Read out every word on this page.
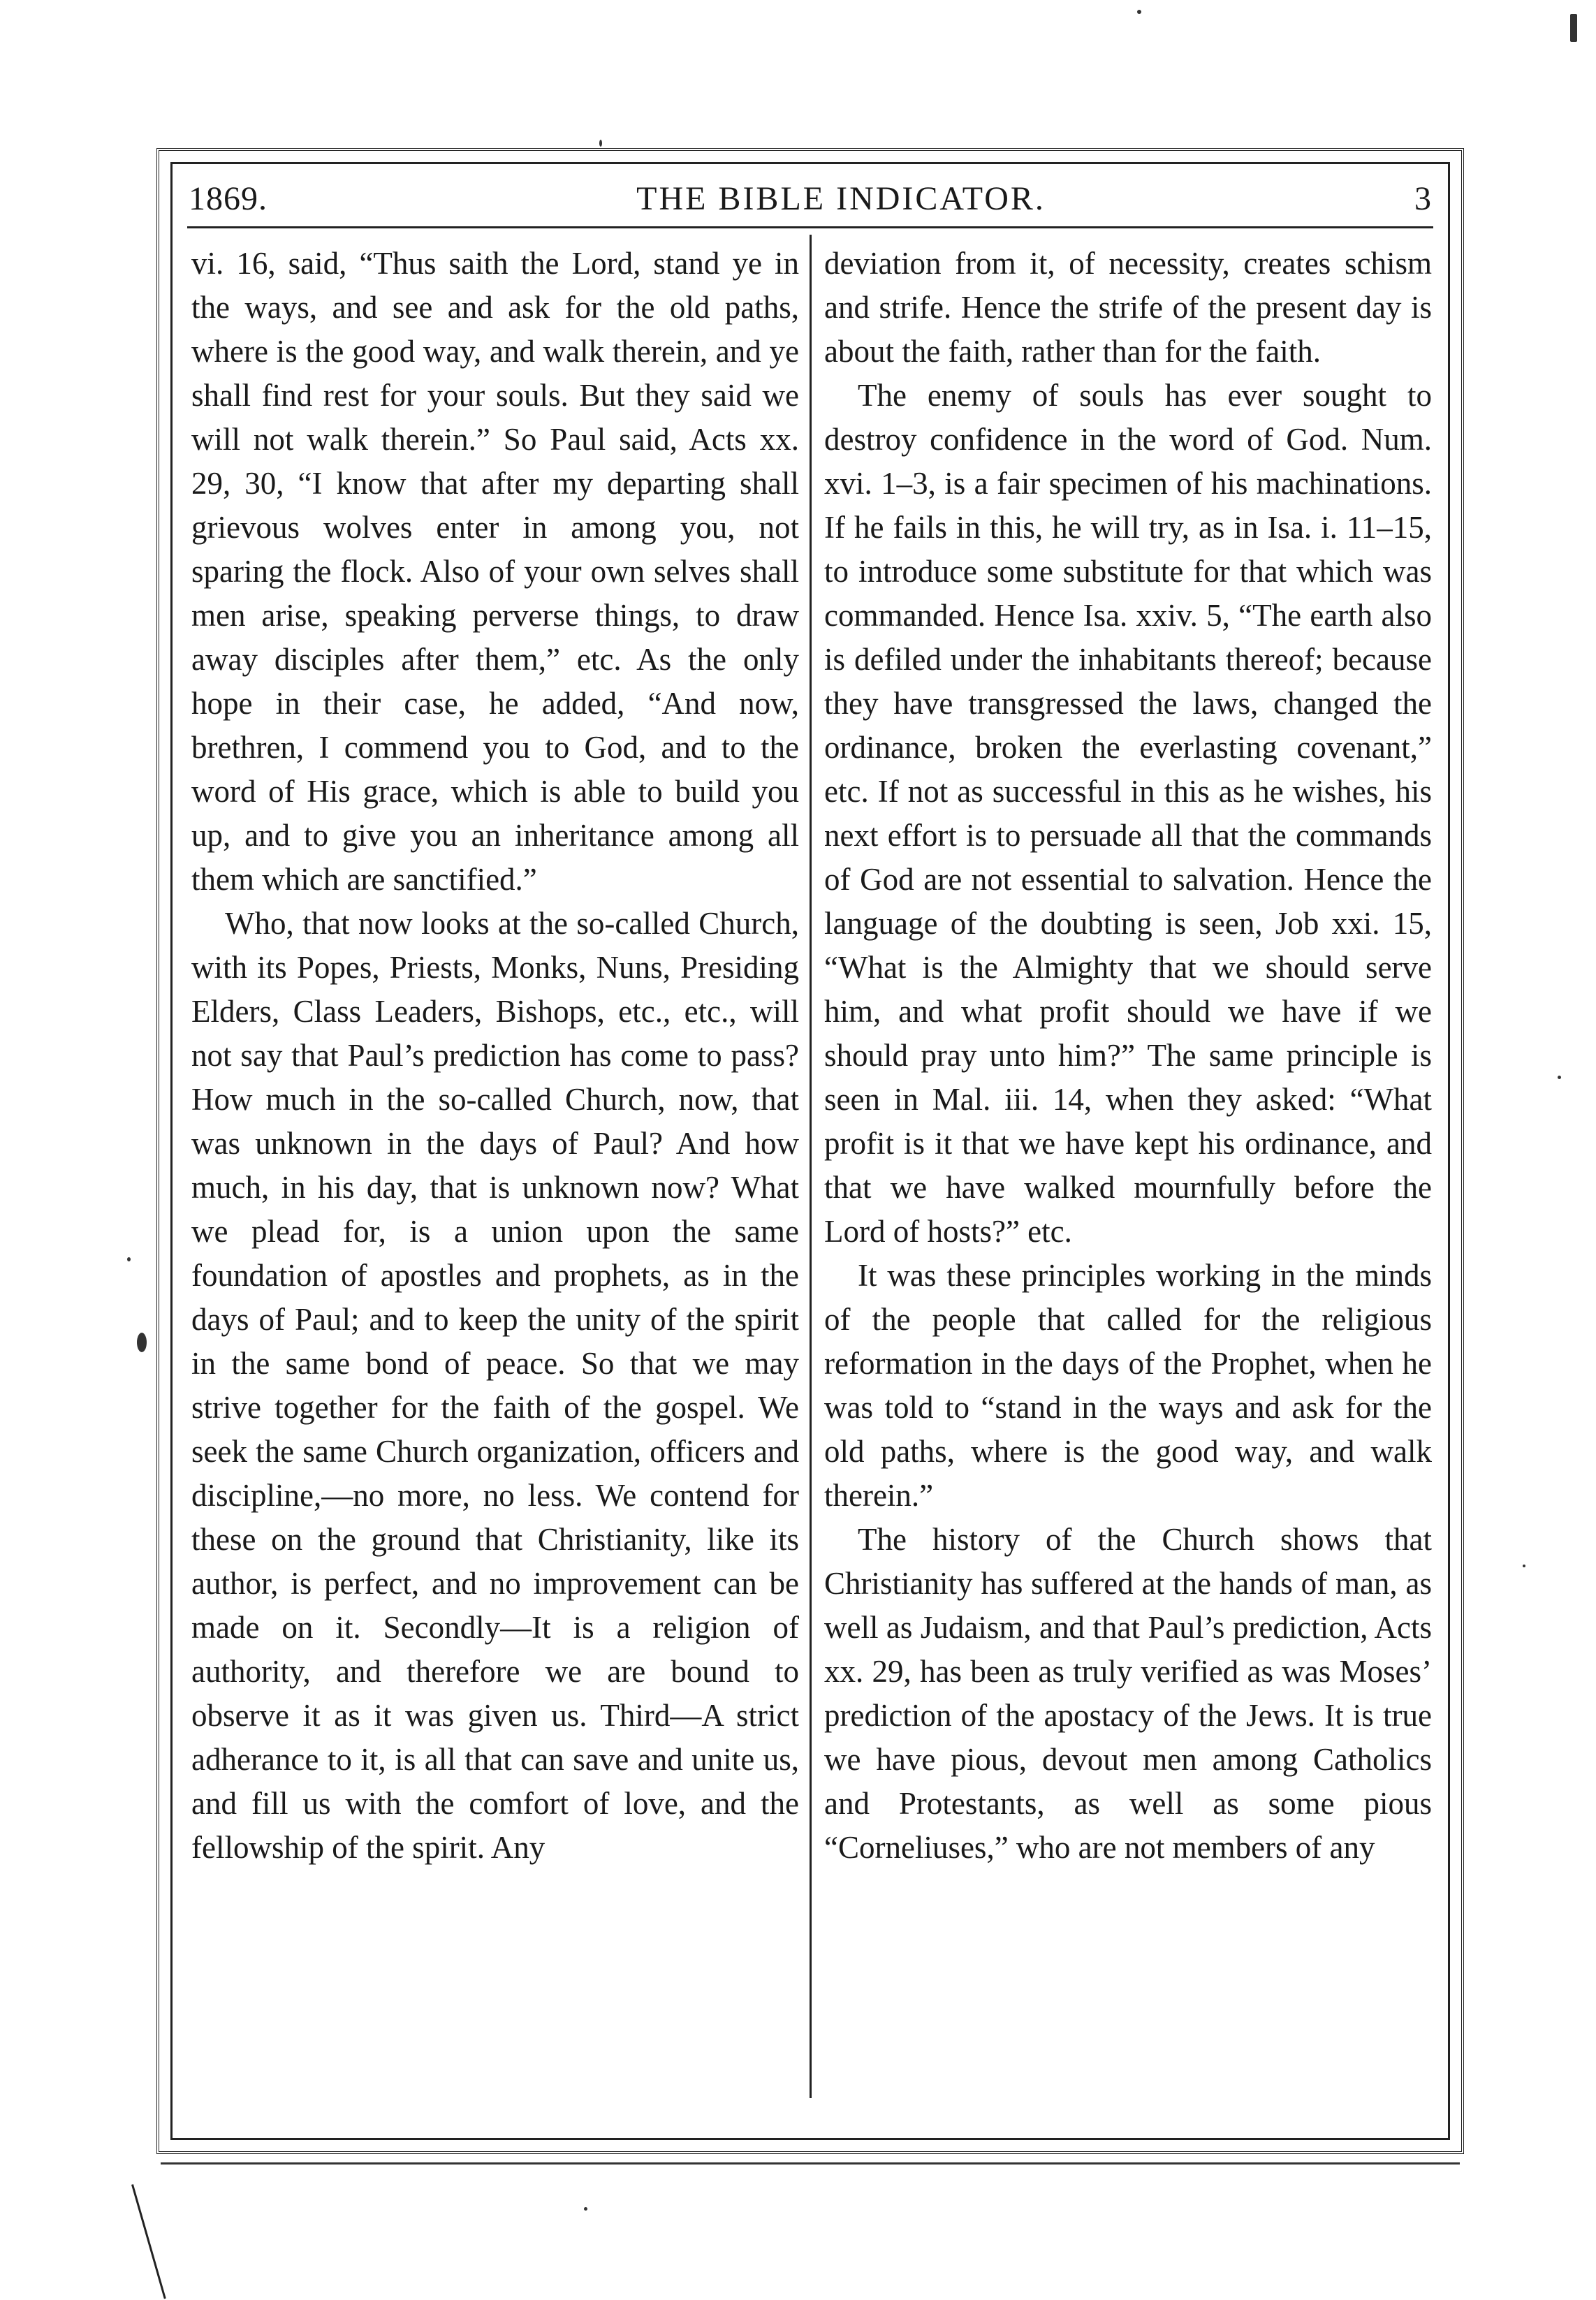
1869.	THE BIBLE INDICATOR.	3

vi. 16, said, “Thus saith the Lord, stand ye in the ways, and see and ask for the old paths, where is the good way, and walk therein, and ye shall find rest for your souls. But they said we will not walk therein.” So Paul said, Acts xx. 29, 30, “I know that after my departing shall grievous wolves enter in among you, not sparing the flock. Also of your own selves shall men arise, speaking perverse things, to draw away disciples after them,” etc. As the only hope in their case, he added, “And now, brethren, I commend you to God, and to the word of His grace, which is able to build you up, and to give you an inheritance among all them which are sanctified.”

Who, that now looks at the so-called Church, with its Popes, Priests, Monks, Nuns, Presiding Elders, Class Leaders, Bishops, etc., etc., will not say that Paul’s prediction has come to pass? How much in the so-called Church, now, that was unknown in the days of Paul? And how much, in his day, that is unknown now? What we plead for, is a union upon the same foundation of apostles and prophets, as in the days of Paul; and to keep the unity of the spirit in the same bond of peace. So that we may strive together for the faith of the gospel. We seek the same Church organization, officers and discipline,—no more, no less. We contend for these on the ground that Christianity, like its author, is perfect, and no improvement can be made on it. Secondly—It is a religion of authority, and therefore we are bound to observe it as it was given us. Third—A strict adherance to it, is all that can save and unite us, and fill us with the comfort of love, and the fellowship of the spirit. Any

deviation from it, of necessity, creates schism and strife. Hence the strife of the present day is about the faith, rather than for the faith.

The enemy of souls has ever sought to destroy confidence in the word of God. Num. xvi. 1–3, is a fair specimen of his machinations. If he fails in this, he will try, as in Isa. i. 11–15, to introduce some substitute for that which was commanded. Hence Isa. xxiv. 5, “The earth also is defiled under the inhabitants thereof; because they have transgressed the laws, changed the ordinance, broken the everlasting covenant,” etc. If not as successful in this as he wishes, his next effort is to persuade all that the commands of God are not essential to salvation. Hence the language of the doubting is seen, Job xxi. 15, “What is the Almighty that we should serve him, and what profit should we have if we should pray unto him?” The same principle is seen in Mal. iii. 14, when they asked: “What profit is it that we have kept his ordinance, and that we have walked mournfully before the Lord of hosts?” etc.

It was these principles working in the minds of the people that called for the religious reformation in the days of the Prophet, when he was told to “stand in the ways and ask for the old paths, where is the good way, and walk therein.”

The history of the Church shows that Christianity has suffered at the hands of man, as well as Judaism, and that Paul’s prediction, Acts xx. 29, has been as truly verified as was Moses’ prediction of the apostacy of the Jews. It is true we have pious, devout men among Catholics and Protestants, as well as some pious “Corneliuses,” who are not members of any
